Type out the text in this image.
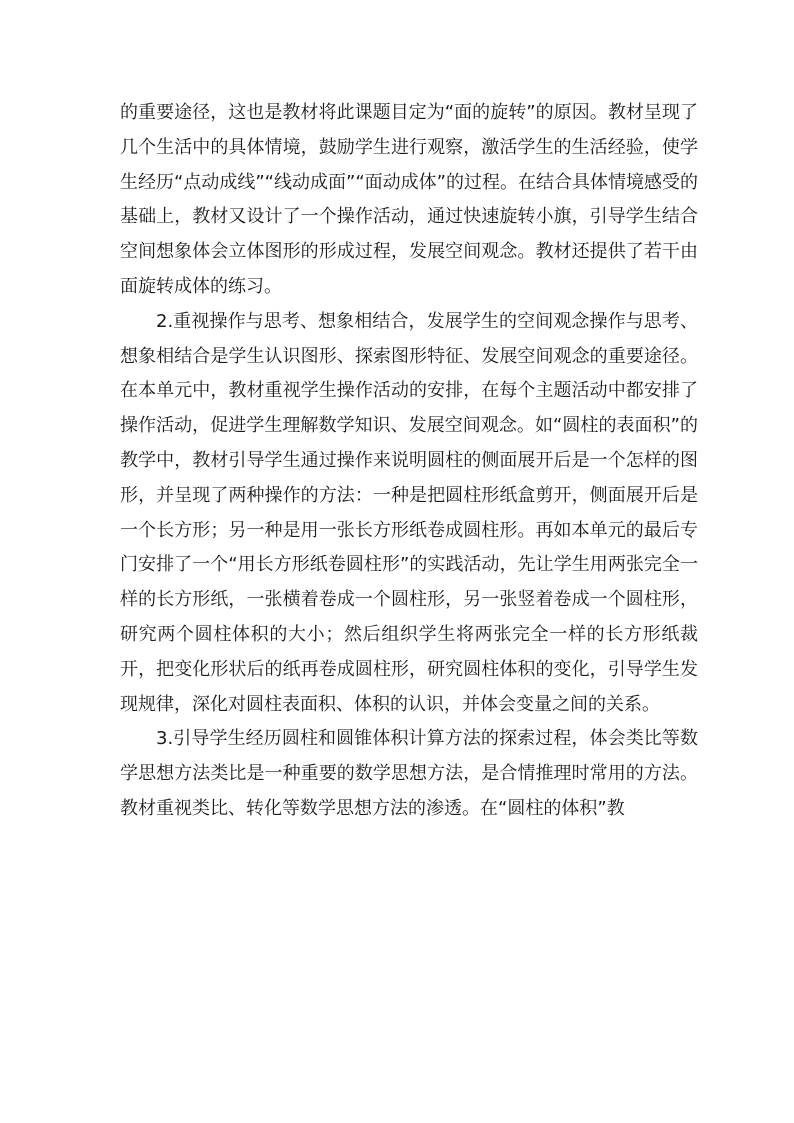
的重要途径，这也是教材将此课题目定为“面的旋转”的原因。教材呈现了几个生活中的具体情境，鼓励学生进行观察，激活学生的生活经验，使学生经历“点动成线”“线动成面”“面动成体”的过程。在结合具体情境感受的基础上，教材又设计了一个操作活动，通过快速旋转小旗，引导学生结合空间想象体会立体图形的形成过程，发展空间观念。教材还提供了若干由面旋转成体的练习。

2.重视操作与思考、想象相结合，发展学生的空间观念操作与思考、想象相结合是学生认识图形、探索图形特征、发展空间观念的重要途径。在本单元中，教材重视学生操作活动的安排，在每个主题活动中都安排了操作活动，促进学生理解数学知识、发展空间观念。如“圆柱的表面积”的教学中，教材引导学生通过操作来说明圆柱的侧面展开后是一个怎样的图形，并呈现了两种操作的方法：一种是把圆柱形纸盒剪开，侧面展开后是一个长方形；另一种是用一张长方形纸卷成圆柱形。再如本单元的最后专门安排了一个“用长方形纸卷圆柱形”的实践活动，先让学生用两张完全一样的长方形纸，一张横着卷成一个圆柱形，另一张竖着卷成一个圆柱形，研究两个圆柱体积的大小；然后组织学生将两张完全一样的长方形纸裁开，把变化形状后的纸再卷成圆柱形，研究圆柱体积的变化，引导学生发现规律，深化对圆柱表面积、体积的认识，并体会变量之间的关系。

3.引导学生经历圆柱和圆锥体积计算方法的探索过程，体会类比等数学思想方法类比是一种重要的数学思想方法，是合情推理时常用的方法。教材重视类比、转化等数学思想方法的渗透。在“圆柱的体积”教
